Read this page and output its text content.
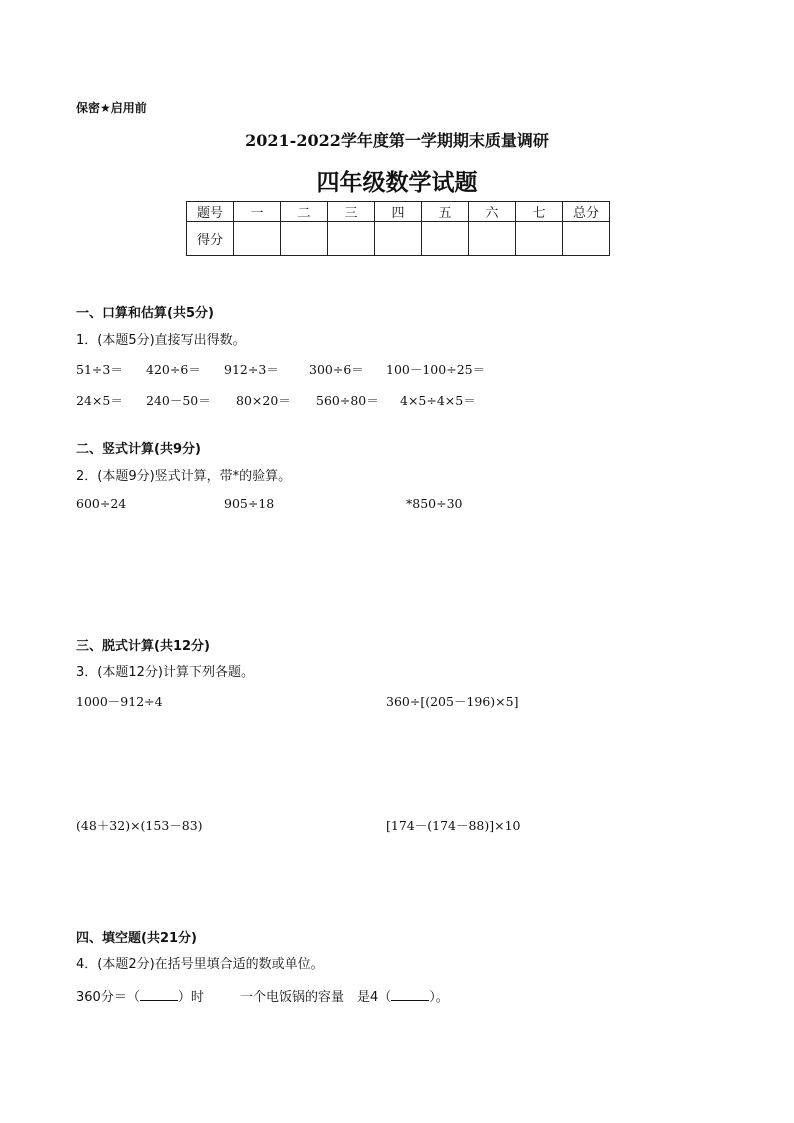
保密★启用前
2021-2022学年度第一学期期末质量调研
四年级数学试题
题号	一	二	三	四	五	六	七	总分
得分								
一、口算和估算(共5分)
1．(本题5分)直接写出得数。
51÷3＝ 420÷6＝ 912÷3＝ 300÷6＝ 100－100÷25＝
24×5＝ 240－50＝ 80×20＝ 560÷80＝ 4×5÷4×5＝
二、竖式计算(共9分)
2．(本题9分)竖式计算，带*的验算。
600÷24	905÷18	*850÷30
三、脱式计算(共12分)
3．(本题12分)计算下列各题。
1000－912÷4	360÷[(205－196)×5]
(48＋32)×(153－83)	[174－(174－88)]×10
四、填空题(共21分)
4．(本题2分)在括号里填合适的数或单位。
360分＝（	）时	一个电饭锅的容量　是4（	）。
